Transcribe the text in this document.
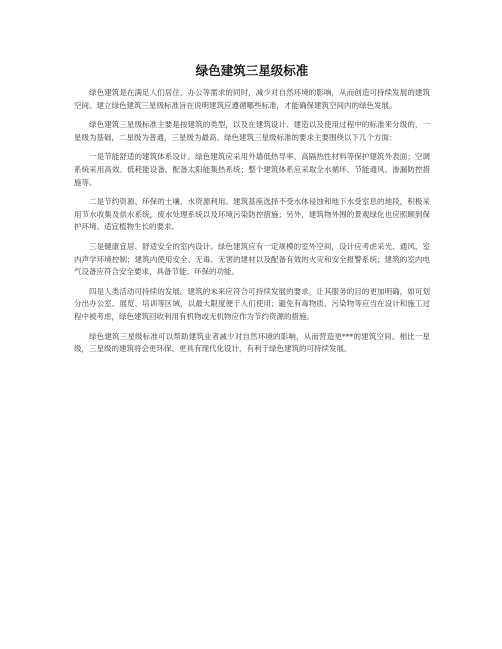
绿色建筑三星级标准

绿色建筑是在满足人们居住、办公等需求的同时，减少对自然环境的影响，从而创造可持续发展的建筑空间。建立绿色建筑三星级标准旨在说明建筑应遵循哪些标准，才能确保建筑空间内的绿色发展。

绿色建筑三星级标准主要是按建筑的类型，以及在建筑设计、建造以及使用过程中的标准来分级的，一星级为基础，二星级为普通，三星级为最高。绿色建筑三星级标准的要求主要围绕以下几个方面：

一是节能舒适的建筑体系设计。绿色建筑应采用外墙低热导率、高隔热性材料等保护建筑外表面；空调系统采用高效、低耗能设备，配备太阳能集热系统；整个建筑体系应采取全水循环、节能通风、渗漏防控措施等。

二是节约资源、环保的土壤、水资源利用。建筑基座选择不受水体侵蚀和地下水受室息的地段，积极采用节水收集及供水系统，废水处理系统以及环境污染防控措施；另外，建筑物外围的景观绿化也应照顾到保护环境、适宜植物生长的要求。

三是健康宜居、舒适安全的室内设计。绿色建筑应有一定规模的室外空间，设计应考虑采光、通风、室内声学环境控制；建筑内使用安全、无毒、无害的建材以及配备有效的火灾和安全报警系统；建筑的室内电气设备应符合安全要求，具备节能、环保的功能。

四是人类活动可持续的发展。建筑的未来应符合可持续发展的要求，让其服务的目的更加明确，如可划分出办公室、展览、培训等区域，以最大限度便于人们使用；避免有毒物质、污染物等应当在设计和施工过程中被考虑，绿色建筑回收利用有机物或无机物应作为节约资源的措施。

绿色建筑三星级标准可以帮助建筑业者减少对自然环境的影响，从而营造更***的建筑空间。相比一星级，三星级的建筑将会更环保、更具有现代化设计，有利于绿色建筑的可持续发展。
